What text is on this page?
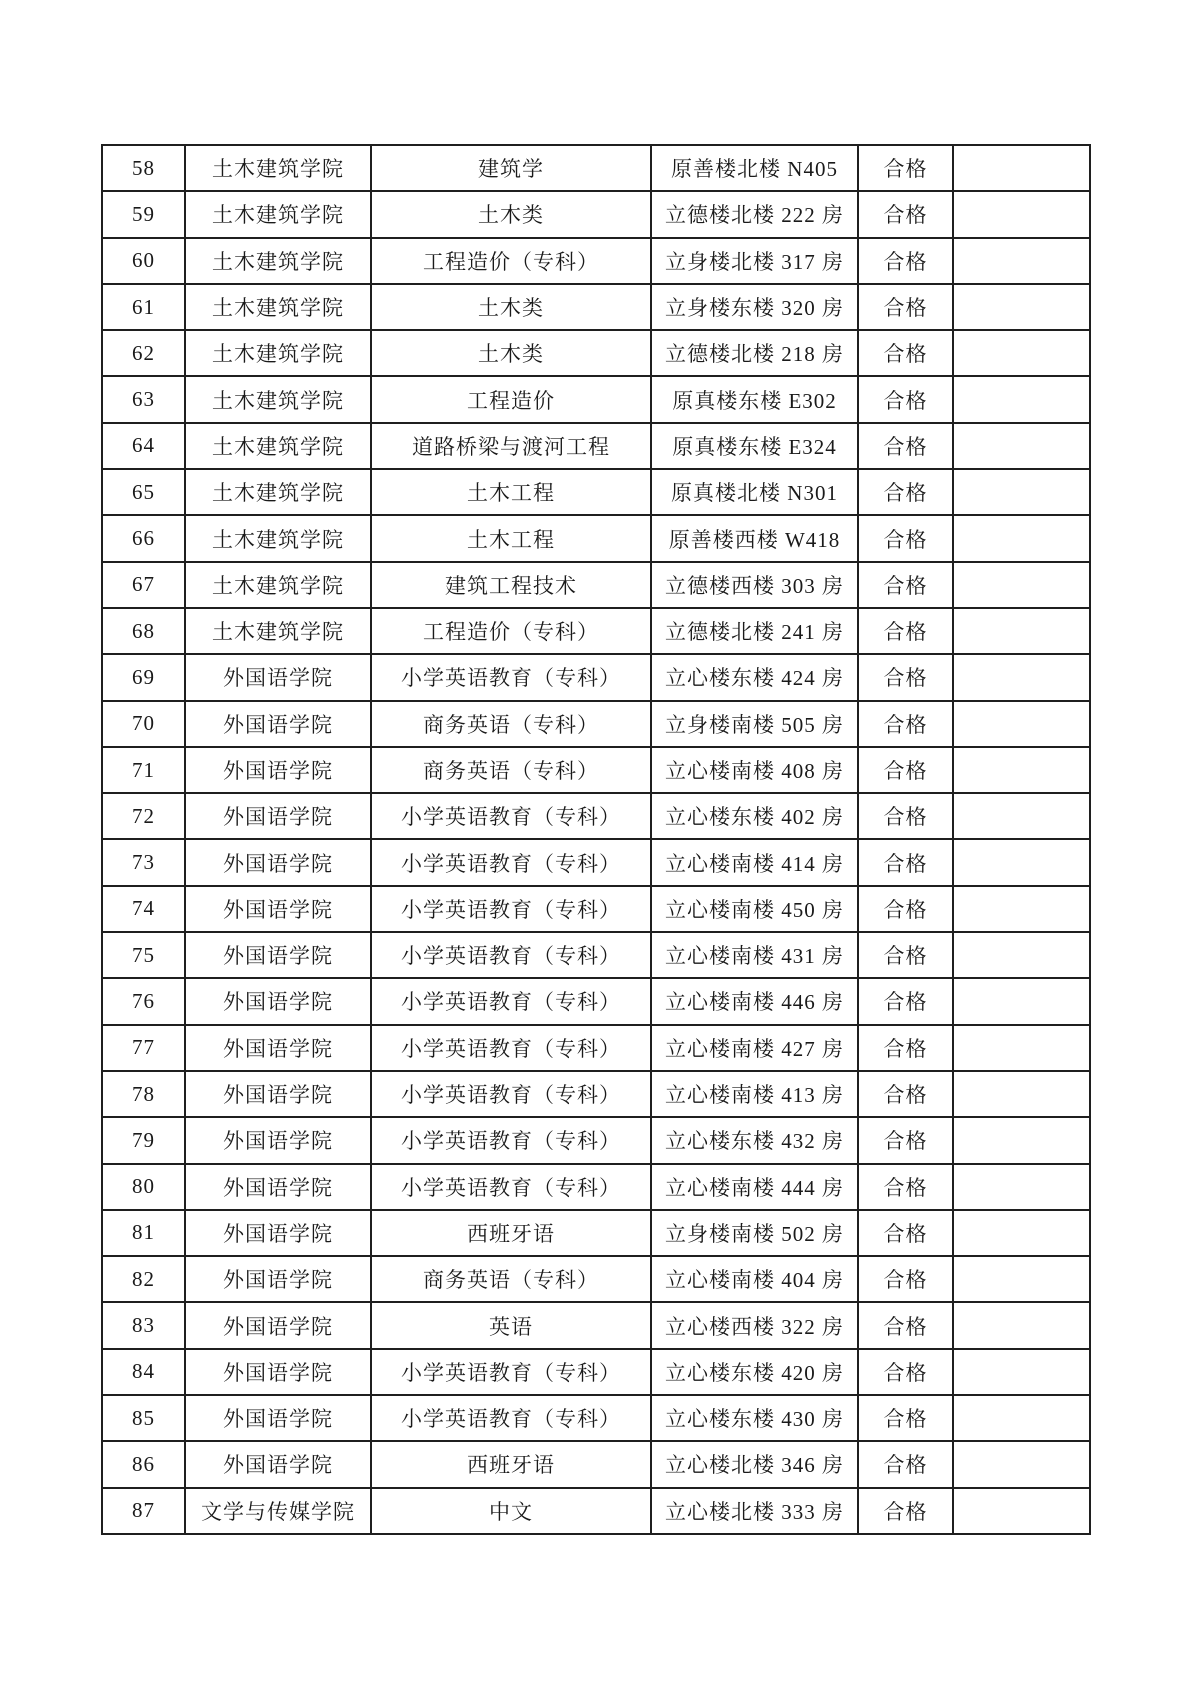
58	土木建筑学院	建筑学	原善楼北楼 N405	合格	
59	土木建筑学院	土木类	立德楼北楼 222 房	合格	
60	土木建筑学院	工程造价（专科）	立身楼北楼 317 房	合格	
61	土木建筑学院	土木类	立身楼东楼 320 房	合格	
62	土木建筑学院	土木类	立德楼北楼 218 房	合格	
63	土木建筑学院	工程造价	原真楼东楼 E302	合格	
64	土木建筑学院	道路桥梁与渡河工程	原真楼东楼 E324	合格	
65	土木建筑学院	土木工程	原真楼北楼 N301	合格	
66	土木建筑学院	土木工程	原善楼西楼 W418	合格	
67	土木建筑学院	建筑工程技术	立德楼西楼 303 房	合格	
68	土木建筑学院	工程造价（专科）	立德楼北楼 241 房	合格	
69	外国语学院	小学英语教育（专科）	立心楼东楼 424 房	合格	
70	外国语学院	商务英语（专科）	立身楼南楼 505 房	合格	
71	外国语学院	商务英语（专科）	立心楼南楼 408 房	合格	
72	外国语学院	小学英语教育（专科）	立心楼东楼 402 房	合格	
73	外国语学院	小学英语教育（专科）	立心楼南楼 414 房	合格	
74	外国语学院	小学英语教育（专科）	立心楼南楼 450 房	合格	
75	外国语学院	小学英语教育（专科）	立心楼南楼 431 房	合格	
76	外国语学院	小学英语教育（专科）	立心楼南楼 446 房	合格	
77	外国语学院	小学英语教育（专科）	立心楼南楼 427 房	合格	
78	外国语学院	小学英语教育（专科）	立心楼南楼 413 房	合格	
79	外国语学院	小学英语教育（专科）	立心楼东楼 432 房	合格	
80	外国语学院	小学英语教育（专科）	立心楼南楼 444 房	合格	
81	外国语学院	西班牙语	立身楼南楼 502 房	合格	
82	外国语学院	商务英语（专科）	立心楼南楼 404 房	合格	
83	外国语学院	英语	立心楼西楼 322 房	合格	
84	外国语学院	小学英语教育（专科）	立心楼东楼 420 房	合格	
85	外国语学院	小学英语教育（专科）	立心楼东楼 430 房	合格	
86	外国语学院	西班牙语	立心楼北楼 346 房	合格	
87	文学与传媒学院	中文	立心楼北楼 333 房	合格	
